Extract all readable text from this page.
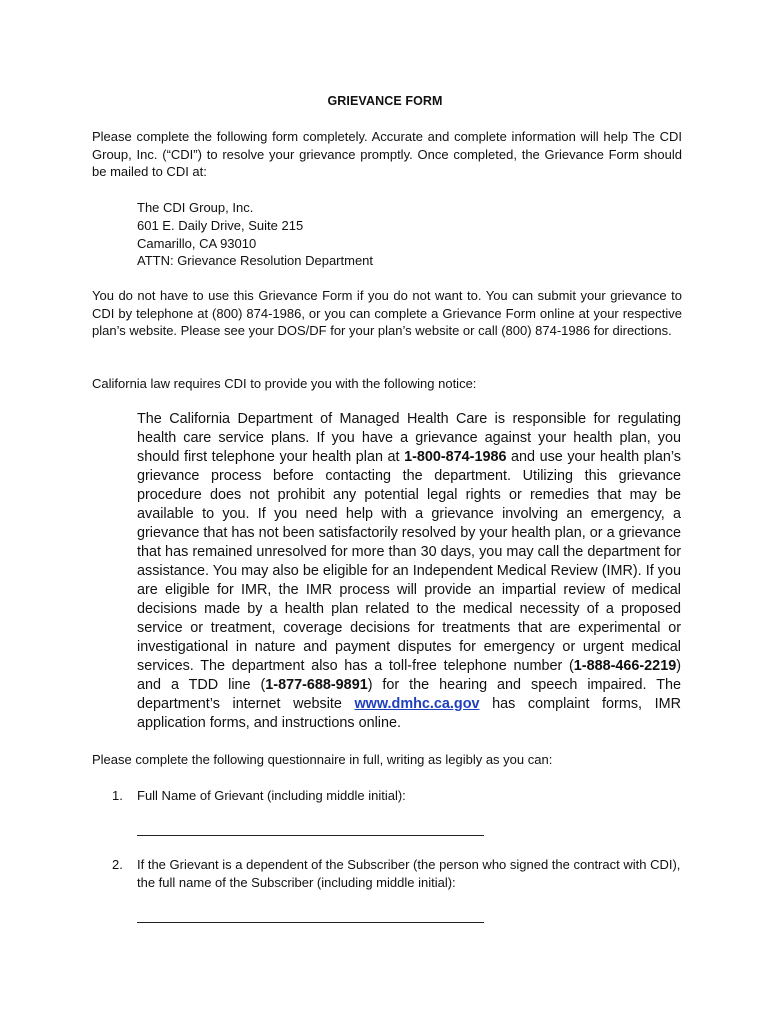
GRIEVANCE FORM
Please complete the following form completely. Accurate and complete information will help The CDI Group, Inc. (“CDI”) to resolve your grievance promptly. Once completed, the Grievance Form should be mailed to CDI at:
The CDI Group, Inc.
601 E. Daily Drive, Suite 215
Camarillo, CA 93010
ATTN: Grievance Resolution Department
You do not have to use this Grievance Form if you do not want to. You can submit your grievance to CDI by telephone at (800) 874-1986, or you can complete a Grievance Form online at your respective plan’s website. Please see your DOS/DF for your plan’s website or call (800) 874-1986 for directions.
California law requires CDI to provide you with the following notice:
The California Department of Managed Health Care is responsible for regulating health care service plans. If you have a grievance against your health plan, you should first telephone your health plan at 1-800-874-1986 and use your health plan’s grievance process before contacting the department. Utilizing this grievance procedure does not prohibit any potential legal rights or remedies that may be available to you. If you need help with a grievance involving an emergency, a grievance that has not been satisfactorily resolved by your health plan, or a grievance that has remained unresolved for more than 30 days, you may call the department for assistance. You may also be eligible for an Independent Medical Review (IMR). If you are eligible for IMR, the IMR process will provide an impartial review of medical decisions made by a health plan related to the medical necessity of a proposed service or treatment, coverage decisions for treatments that are experimental or investigational in nature and payment disputes for emergency or urgent medical services. The department also has a toll-free telephone number (1-888-466-2219) and a TDD line (1-877-688-9891) for the hearing and speech impaired. The department’s internet website www.dmhc.ca.gov has complaint forms, IMR application forms, and instructions online.
Please complete the following questionnaire in full, writing as legibly as you can:
1.	Full Name of Grievant (including middle initial):
2.	If the Grievant is a dependent of the Subscriber (the person who signed the contract with CDI), the full name of the Subscriber (including middle initial):
